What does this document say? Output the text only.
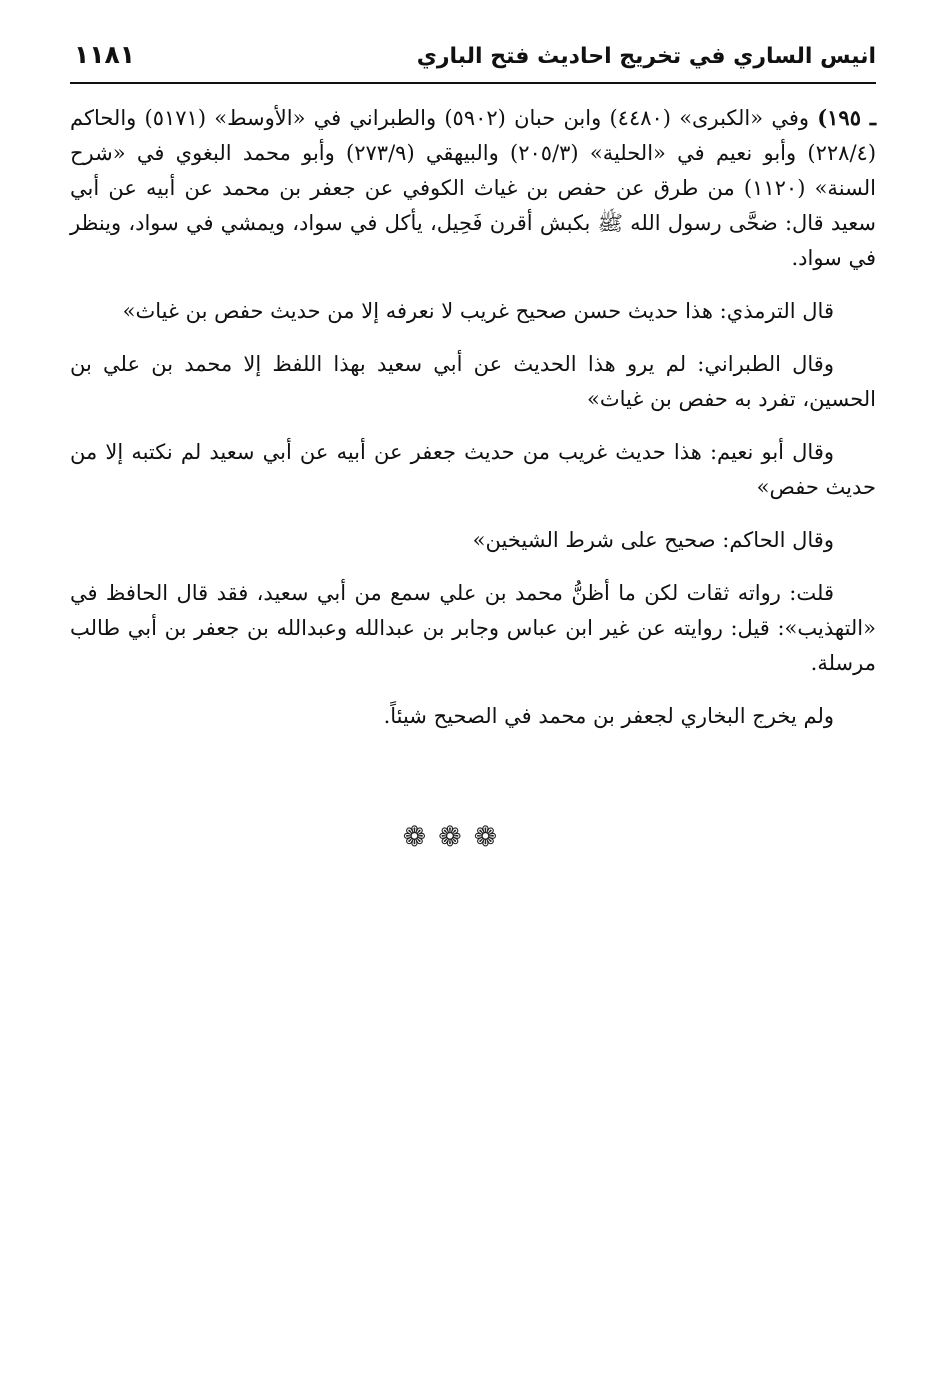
انيس الساري في تخريج احاديث فتح الباري
١١٨١

ـ ١٩٥) وفي «الكبرى» (٤٤٨٠) وابن حبان (٥٩٠٢) والطبراني في «الأوسط» (٥١٧١) والحاكم (٢٢٨/٤) وأبو نعيم في «الحلية» (٢٠٥/٣) والبيهقي (٢٧٣/٩) وأبو محمد البغوي في «شرح السنة» (١١٢٠) من طرق عن حفص بن غياث الكوفي عن جعفر بن محمد عن أبيه عن أبي سعيد قال: ضحَّى رسول الله ﷺ بكبش أقرن فَحِيل، يأكل في سواد، ويمشي في سواد، وينظر في سواد.

قال الترمذي: هذا حديث حسن صحيح غريب لا نعرفه إلا من حديث حفص بن غياث»

وقال الطبراني: لم يرو هذا الحديث عن أبي سعيد بهذا اللفظ إلا محمد بن علي بن الحسين، تفرد به حفص بن غياث»

وقال أبو نعيم: هذا حديث غريب من حديث جعفر عن أبيه عن أبي سعيد لم نكتبه إلا من حديث حفص»

وقال الحاكم: صحيح على شرط الشيخين»

قلت: رواته ثقات لكن ما أظنُّ محمد بن علي سمع من أبي سعيد، فقد قال الحافظ في «التهذيب»: قيل: روايته عن غير ابن عباس وجابر بن عبدالله وعبدالله بن جعفر بن أبي طالب مرسلة.

ولم يخرج البخاري لجعفر بن محمد في الصحيح شيئاً.

❁ ❁ ❁
